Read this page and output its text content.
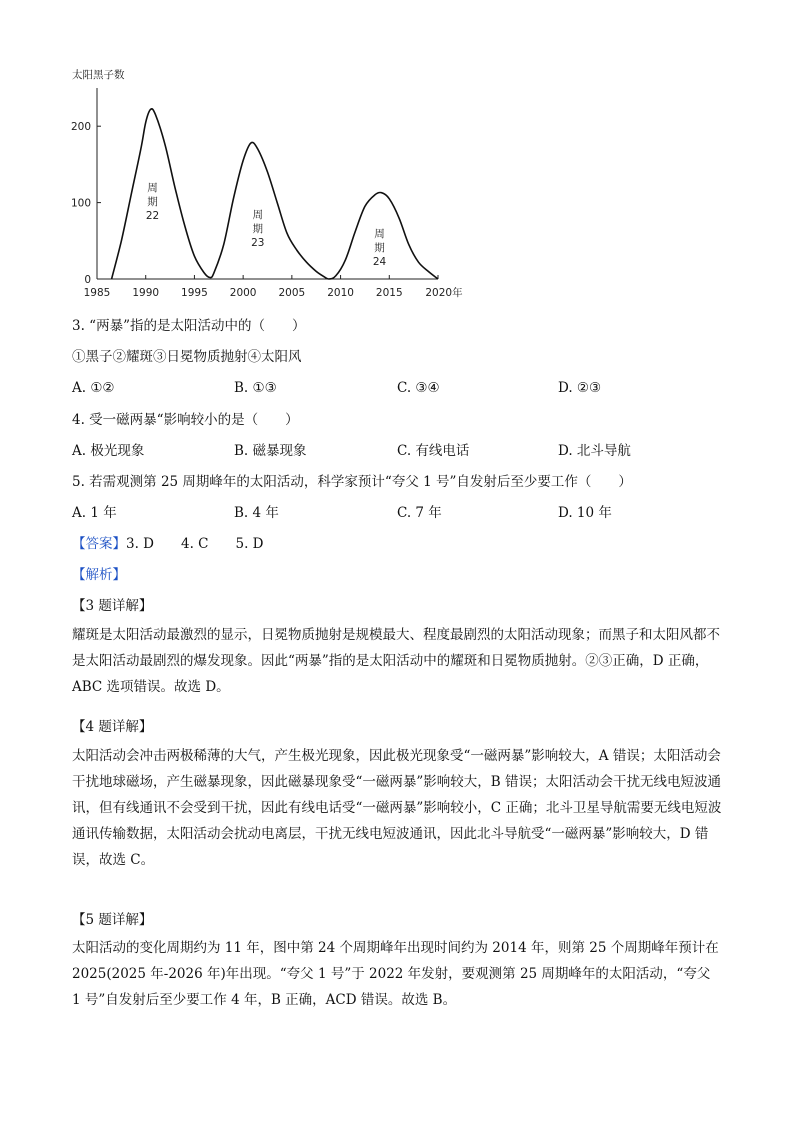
0
100
200
1985 1990 1995 2000 2005 2010 2015 2020年
太阳黑子数
周
期
22	周
期
23
周
期
24
3. “两暴”指的是太阳活动中的（　　）
①黑子②耀斑③日冕物质抛射④太阳风
A. ①②	B. ①③	C. ③④	D. ②③
4. 受一磁两暴“影响较小的是（　　）
A. 极光现象	B. 磁暴现象	C. 有线电话	D. 北斗导航
5. 若需观测第 25 周期峰年的太阳活动，科学家预计“夸父 1 号”自发射后至少要工作（　　）
A. 1 年	B. 4 年	C. 7 年	D. 10 年
【答案】3. D　　4. C　　5. D
【解析】
【3 题详解】

耀斑是太阳活动最激烈的显示，日冕物质抛射是规模最大、程度最剧烈的太阳活动现象；而黑子和太阳风都不是太阳活动最剧烈的爆发现象。因此“两暴”指的是太阳活动中的耀斑和日冕物质抛射。②③正确，D 正确，ABC 选项错误。故选 D。

【4 题详解】

太阳活动会冲击两极稀薄的大气，产生极光现象，因此极光现象受“一磁两暴”影响较大，A 错误；太阳活动会干扰地球磁场，产生磁暴现象，因此磁暴现象受“一磁两暴”影响较大，B 错误；太阳活动会干扰无线电短波通讯，但有线通讯不会受到干扰，因此有线电话受“一磁两暴”影响较小，C 正确；北斗卫星导航需要无线电短波通讯传输数据，太阳活动会扰动电离层，干扰无线电短波通讯，因此北斗导航受“一磁两暴”影响较大，D 错误，故选 C。

【5 题详解】

太阳活动的变化周期约为 11 年，图中第 24 个周期峰年出现时间约为 2014 年，则第 25 个周期峰年预计在 2025(2025 年-2026 年)年出现。“夸父 1 号”于 2022 年发射，要观测第 25 周期峰年的太阳活动，“夸父 1 号”自发射后至少要工作 4 年，B 正确，ACD 错误。故选 B。
